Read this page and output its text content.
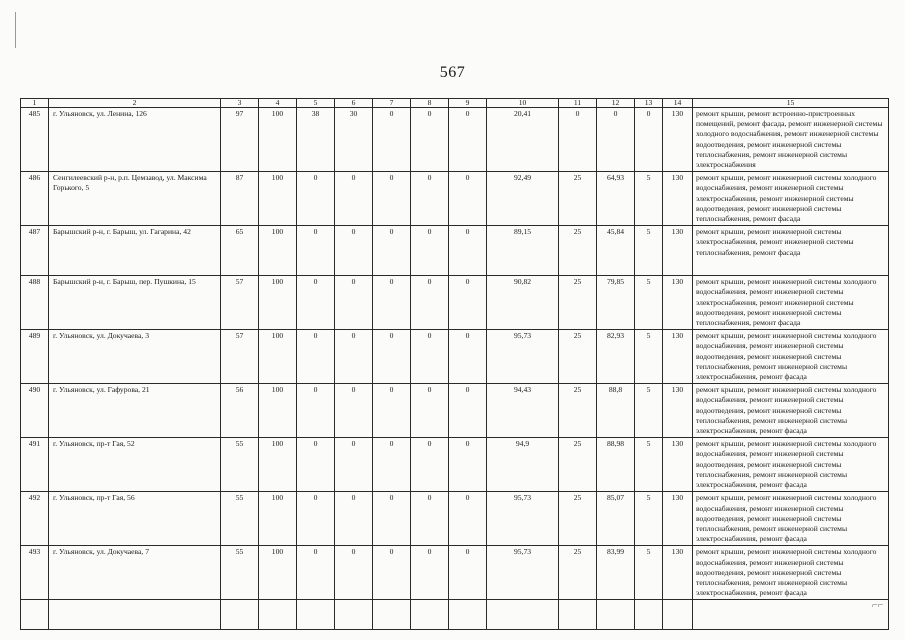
567
1	2	3	4	5	6	7	8	9	10	11	12	13	14	15
485	г. Ульяновск, ул. Ленина, 126	97	100	38	30	0	0	0	20,41	0	0	0	130	ремонт крыши, ремонт встроенно-пристроенных помещений, ремонт фасада, ремонт инженерной системы холодного водоснабжения, ремонт инженерной системы водоотведения, ремонт инженерной системы теплоснабжения, ремонт инженерной системы электроснабжения
486	Сенгилеевский р-н, р.п. Цемзавод, ул. Максима Горького, 5	87	100	0	0	0	0	0	92,49	25	64,93	5	130	ремонт крыши, ремонт инженерной системы холодного водоснабжения, ремонт инженерной системы электроснабжения, ремонт инженерной системы водоотведения, ремонт инженерной системы теплоснабжения, ремонт фасада
487	Барышский р-н, г. Барыш, ул. Гагарина, 42	65	100	0	0	0	0	0	89,15	25	45,84	5	130	ремонт крыши, ремонт инженерной системы электроснабжения, ремонт инженерной системы теплоснабжения, ремонт фасада
488	Барышский р-н, г. Барыш, пер. Пушкина, 15	57	100	0	0	0	0	0	90,82	25	79,85	5	130	ремонт крыши, ремонт инженерной системы холодного водоснабжения, ремонт инженерной системы электроснабжения, ремонт инженерной системы водоотведения, ремонт инженерной системы теплоснабжения, ремонт фасада
489	г. Ульяновск, ул. Докучаева, 3	57	100	0	0	0	0	0	95,73	25	82,93	5	130	ремонт крыши, ремонт инженерной системы холодного водоснабжения, ремонт инженерной системы водоотведения, ремонт инженерной системы теплоснабжения, ремонт инженерной системы электроснабжения, ремонт фасада
490	г. Ульяновск, ул. Гафурова, 21	56	100	0	0	0	0	0	94,43	25	88,8	5	130	ремонт крыши, ремонт инженерной системы холодного водоснабжения, ремонт инженерной системы водоотведения, ремонт инженерной системы теплоснабжения, ремонт инженерной системы электроснабжения, ремонт фасада
491	г. Ульяновск, пр-т Гая, 52	55	100	0	0	0	0	0	94,9	25	88,98	5	130	ремонт крыши, ремонт инженерной системы холодного водоснабжения, ремонт инженерной системы водоотведения, ремонт инженерной системы теплоснабжения, ремонт инженерной системы электроснабжения, ремонт фасада
492	г. Ульяновск, пр-т Гая, 56	55	100	0	0	0	0	0	95,73	25	85,07	5	130	ремонт крыши, ремонт инженерной системы холодного водоснабжения, ремонт инженерной системы водоотведения, ремонт инженерной системы теплоснабжения, ремонт инженерной системы электроснабжения, ремонт фасада
493	г. Ульяновск, ул. Докучаева, 7	55	100	0	0	0	0	0	95,73	25	83,99	5	130	ремонт крыши, ремонт инженерной системы холодного водоснабжения, ремонт инженерной системы водоотведения, ремонт инженерной системы теплоснабжения, ремонт инженерной системы электроснабжения, ремонт фасада

⌐⌐
